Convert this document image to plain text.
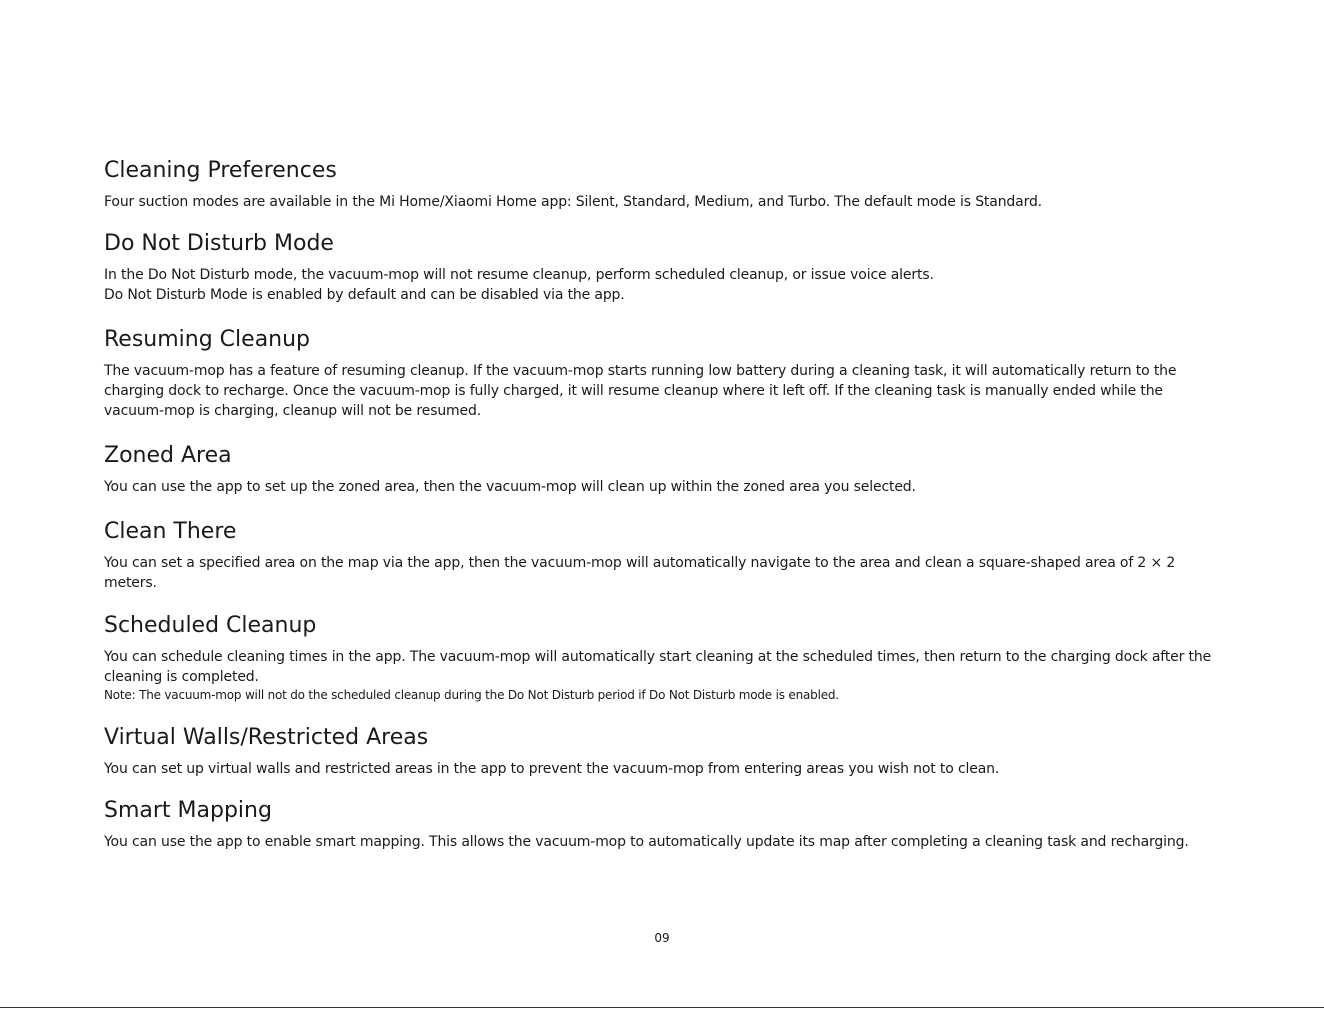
Cleaning Preferences

Four suction modes are available in the Mi Home/Xiaomi Home app: Silent, Standard, Medium, and Turbo. The default mode is Standard.

Do Not Disturb Mode

In the Do Not Disturb mode, the vacuum-mop will not resume cleanup, perform scheduled cleanup, or issue voice alerts.

Do Not Disturb Mode is enabled by default and can be disabled via the app.

Resuming Cleanup

The vacuum-mop has a feature of resuming cleanup. If the vacuum-mop starts running low battery during a cleaning task, it will automatically return to the charging dock to recharge. Once the vacuum-mop is fully charged, it will resume cleanup where it left off. If the cleaning task is manually ended while the vacuum-mop is charging, cleanup will not be resumed.

Zoned Area

You can use the app to set up the zoned area, then the vacuum-mop will clean up within the zoned area you selected.

Clean There

You can set a specified area on the map via the app, then the vacuum-mop will automatically navigate to the area and clean a square-shaped area of 2 × 2 meters.

Scheduled Cleanup

You can schedule cleaning times in the app. The vacuum-mop will automatically start cleaning at the scheduled times, then return to the charging dock after the cleaning is completed.

Note: The vacuum-mop will not do the scheduled cleanup during the Do Not Disturb period if Do Not Disturb mode is enabled.

Virtual Walls/Restricted Areas

You can set up virtual walls and restricted areas in the app to prevent the vacuum-mop from entering areas you wish not to clean.

Smart Mapping

You can use the app to enable smart mapping. This allows the vacuum-mop to automatically update its map after completing a cleaning task and recharging.

09
